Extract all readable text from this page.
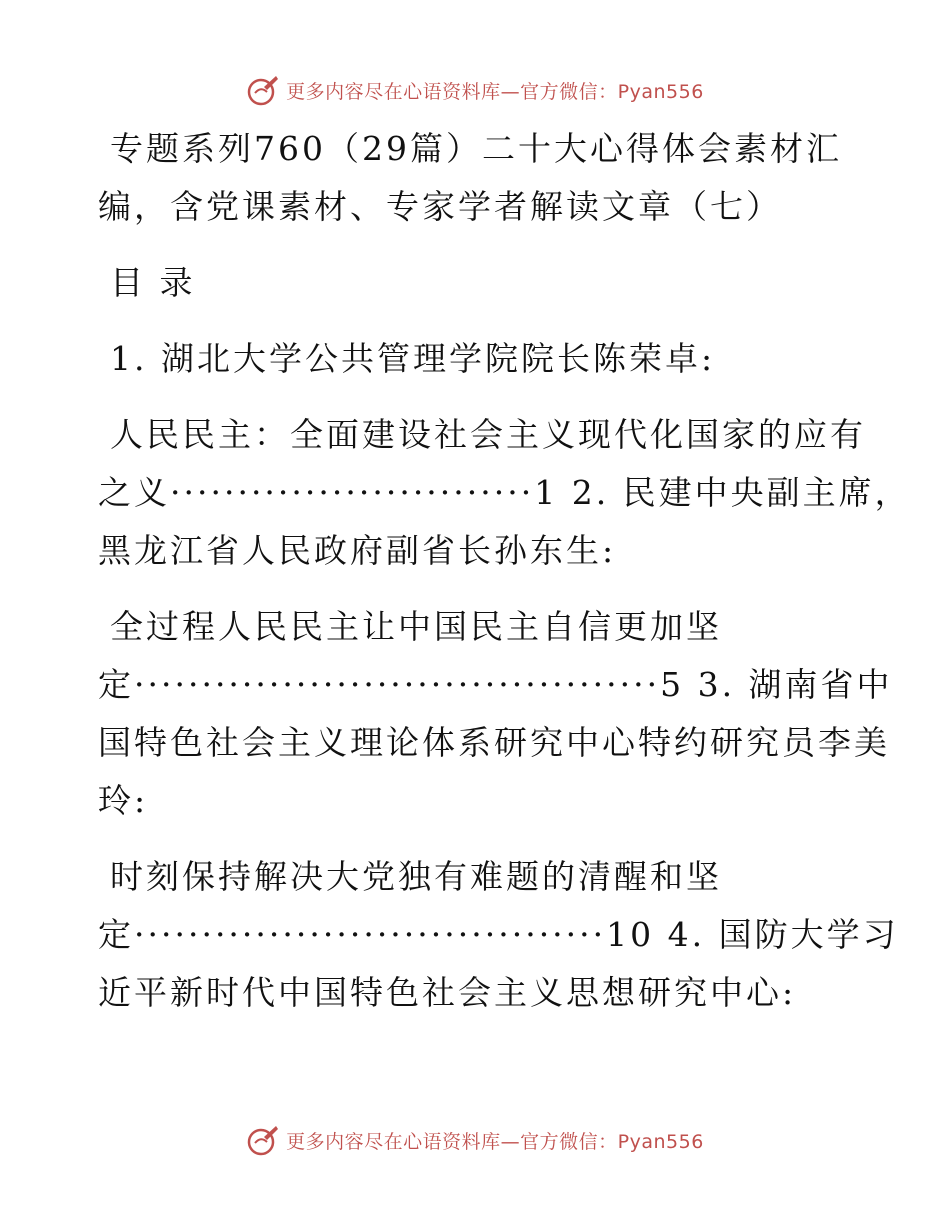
更多内容尽在心语资料库—官方微信：Pyan556
专题系列760（29篇）二十大心得体会素材汇
编，含党课素材、专家学者解读文章（七）
目 录
1. 湖北大学公共管理学院院长陈荣卓:
人民民主：全面建设社会主义现代化国家的应有
之义···························1 2. 民建中央副主席，
黑龙江省人民政府副省长孙东生:
全过程人民民主让中国民主自信更加坚
定·······································5 3. 湖南省中
国特色社会主义理论体系研究中心特约研究员李美
玲:
时刻保持解决大党独有难题的清醒和坚
定···································10 4. 国防大学习
近平新时代中国特色社会主义思想研究中心:
更多内容尽在心语资料库—官方微信：Pyan556
